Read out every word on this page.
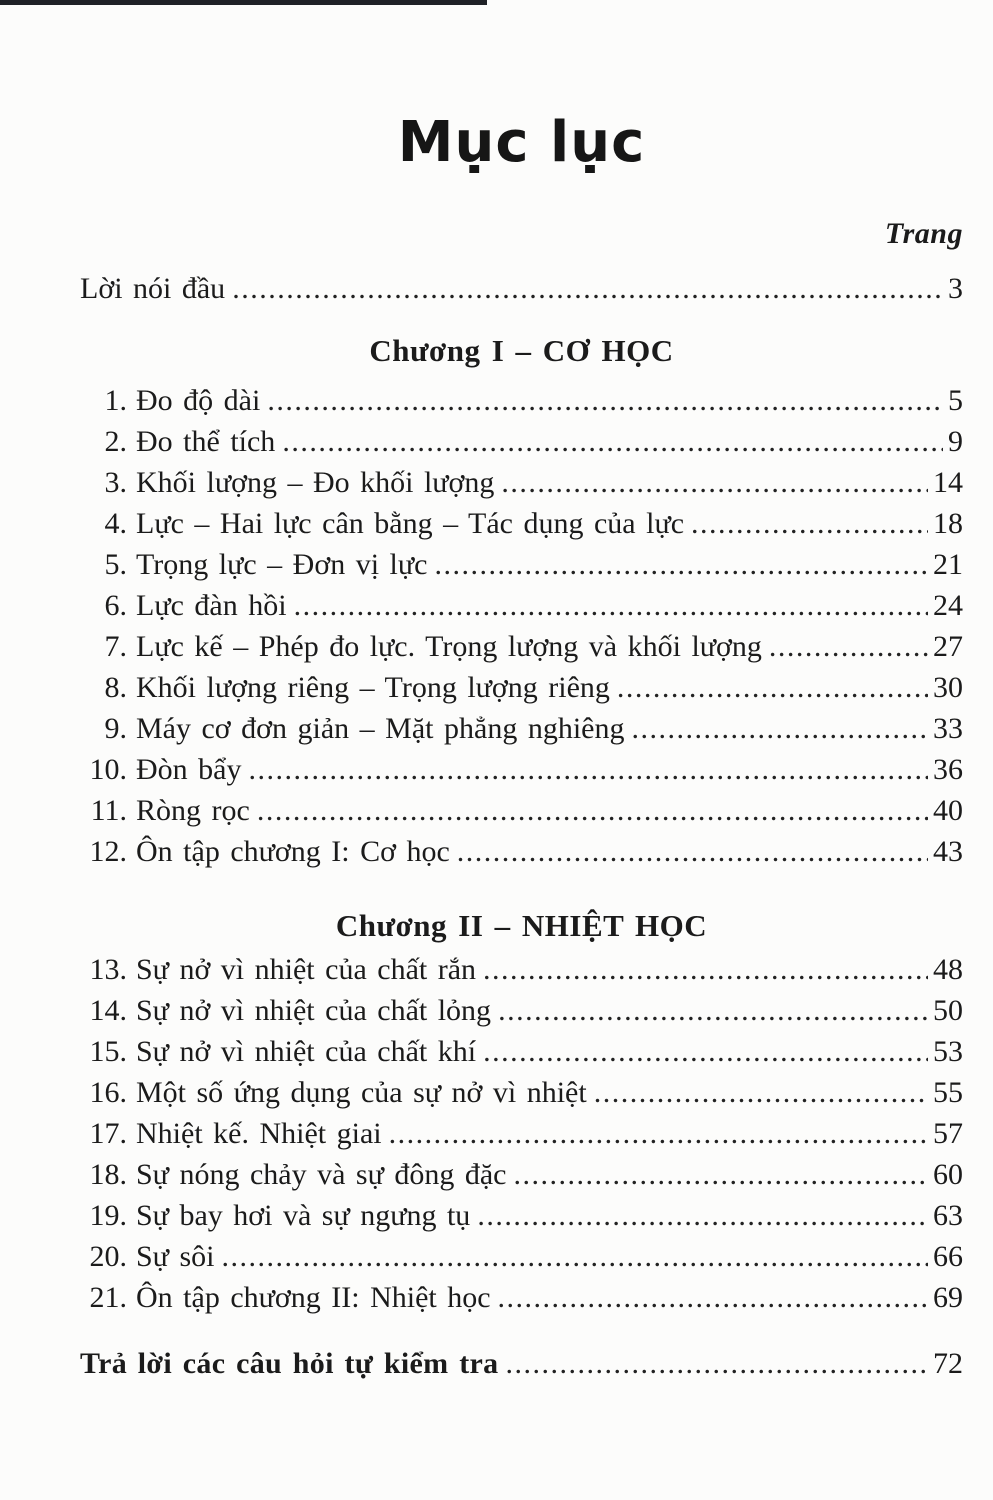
Mục lục
Trang
Lời nói đầu .....	3
Chương I – CƠ HỌC
1. Đo độ dài .....	5
2. Đo thể tích .....	9
3. Khối lượng – Đo khối lượng .....	14
4. Lực – Hai lực cân bằng – Tác dụng của lực .....	18
5. Trọng lực – Đơn vị lực .....	21
6. Lực đàn hồi .....	24
7. Lực kế – Phép đo lực. Trọng lượng và khối lượng .....	27
8. Khối lượng riêng – Trọng lượng riêng .....	30
9. Máy cơ đơn giản – Mặt phẳng nghiêng .....	33
10. Đòn bẩy .....	36
11. Ròng rọc .....	40
12. Ôn tập chương I: Cơ học .....	43
Chương II – NHIỆT HỌC
13. Sự nở vì nhiệt của chất rắn .....	48
14. Sự nở vì nhiệt của chất lỏng .....	50
15. Sự nở vì nhiệt của chất khí .....	53
16. Một số ứng dụng của sự nở vì nhiệt .....	55
17. Nhiệt kế. Nhiệt giai .....	57
18. Sự nóng chảy và sự đông đặc .....	60
19. Sự bay hơi và sự ngưng tụ .....	63
20. Sự sôi .....	66
21. Ôn tập chương II: Nhiệt học .....	69
Trả lời các câu hỏi tự kiểm tra .....	72
